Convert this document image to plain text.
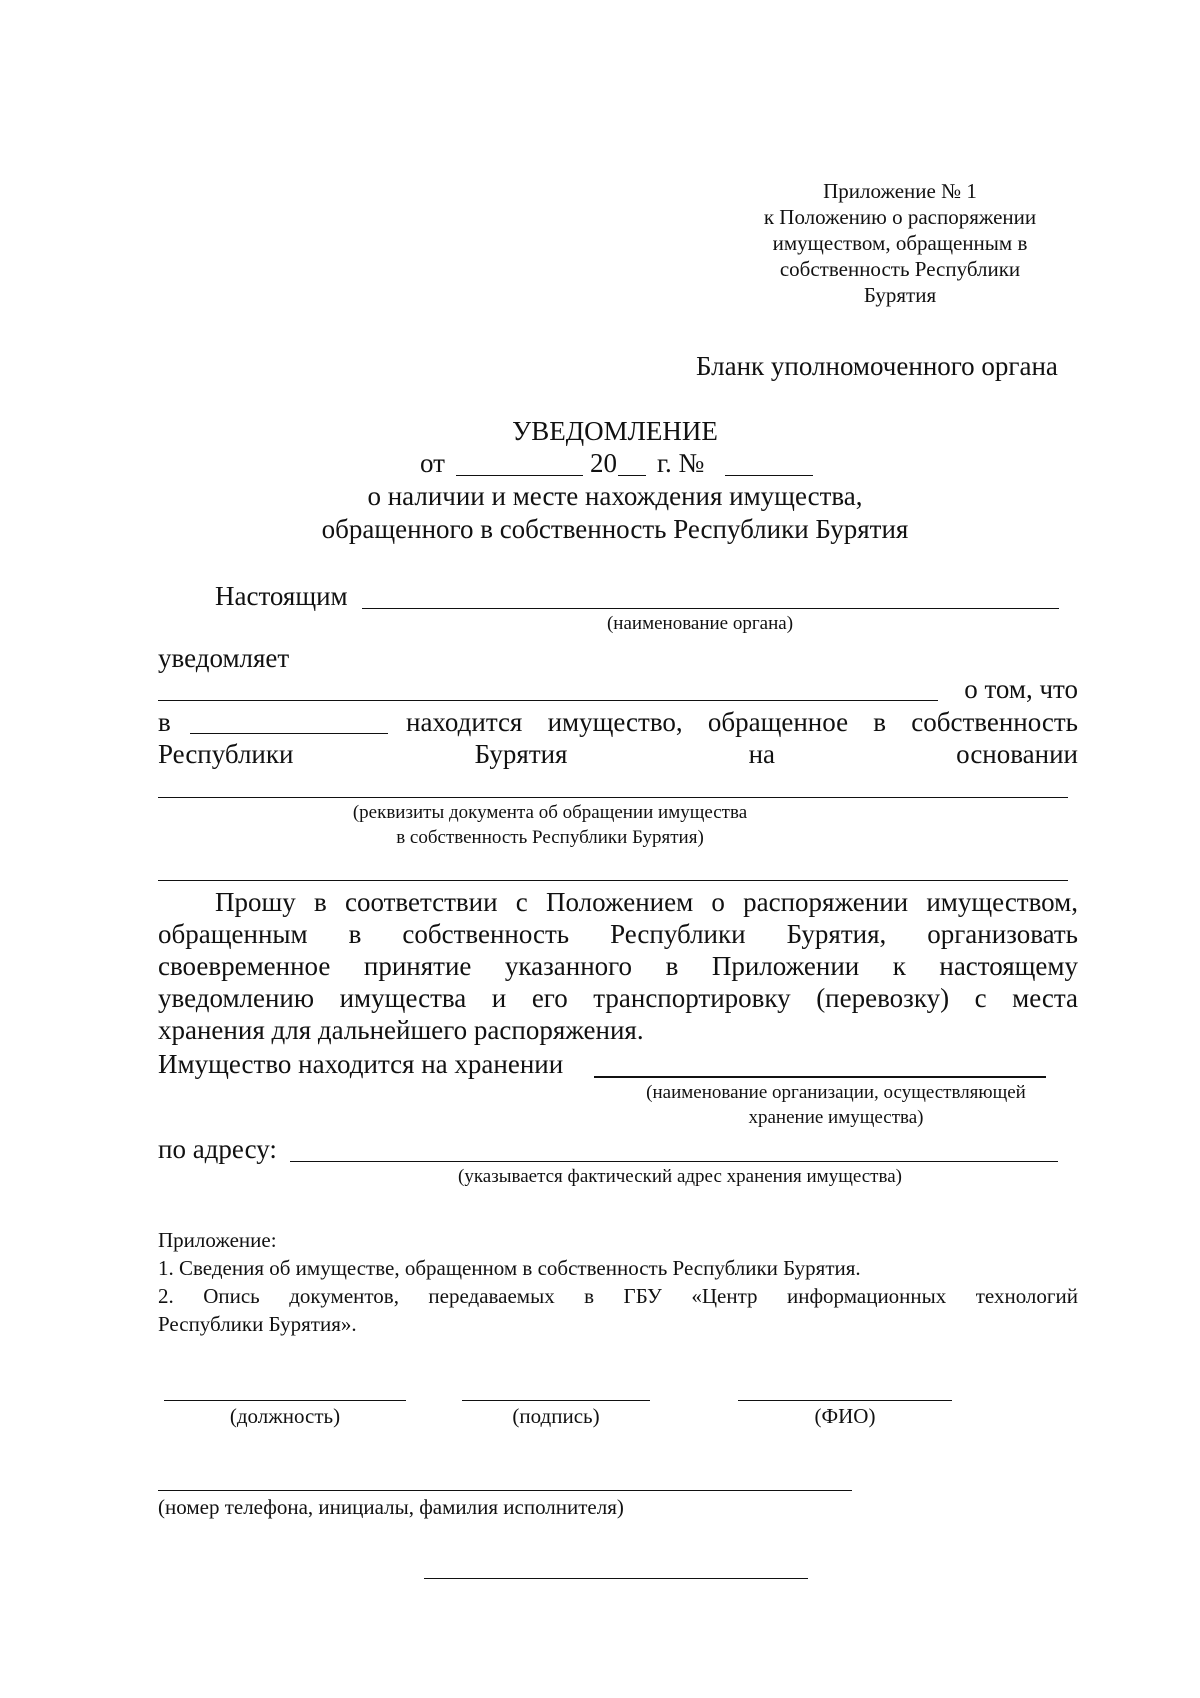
Приложение № 1
к Положению о распоряжении
имуществом, обращенным в
собственность Республики
Бурятия
Бланк уполномоченного органа
УВЕДОМЛЕНИЕ
от	20 г. №
о наличии и месте нахождения имущества,
обращенного в собственность Республики Бурятия
Настоящим
(наименование органа)
уведомляет
о том, что
в	находится имущество, обращенное в собственность
Республики	Бурятия	на	основании
(реквизиты документа об обращении имущества
в собственность Республики Бурятия)
Прошу в соответствии с Положением о распоряжении имуществом,
обращенным в собственность Республики Бурятия, организовать
своевременное принятие указанного в Приложении к настоящему
уведомлению имущества и его транспортировку (перевозку) с места
хранения для дальнейшего распоряжения.
Имущество находится на хранении
(наименование организации, осуществляющей
хранение имущества)
по адресу:
(указывается фактический адрес хранения имущества)
Приложение:
1. Сведения об имуществе, обращенном в собственность Республики Бурятия.
2. Опись документов, передаваемых в ГБУ «Центр информационных технологий
Республики Бурятия».
(должность)	(подпись)	(ФИО)
(номер телефона, инициалы, фамилия исполнителя)
